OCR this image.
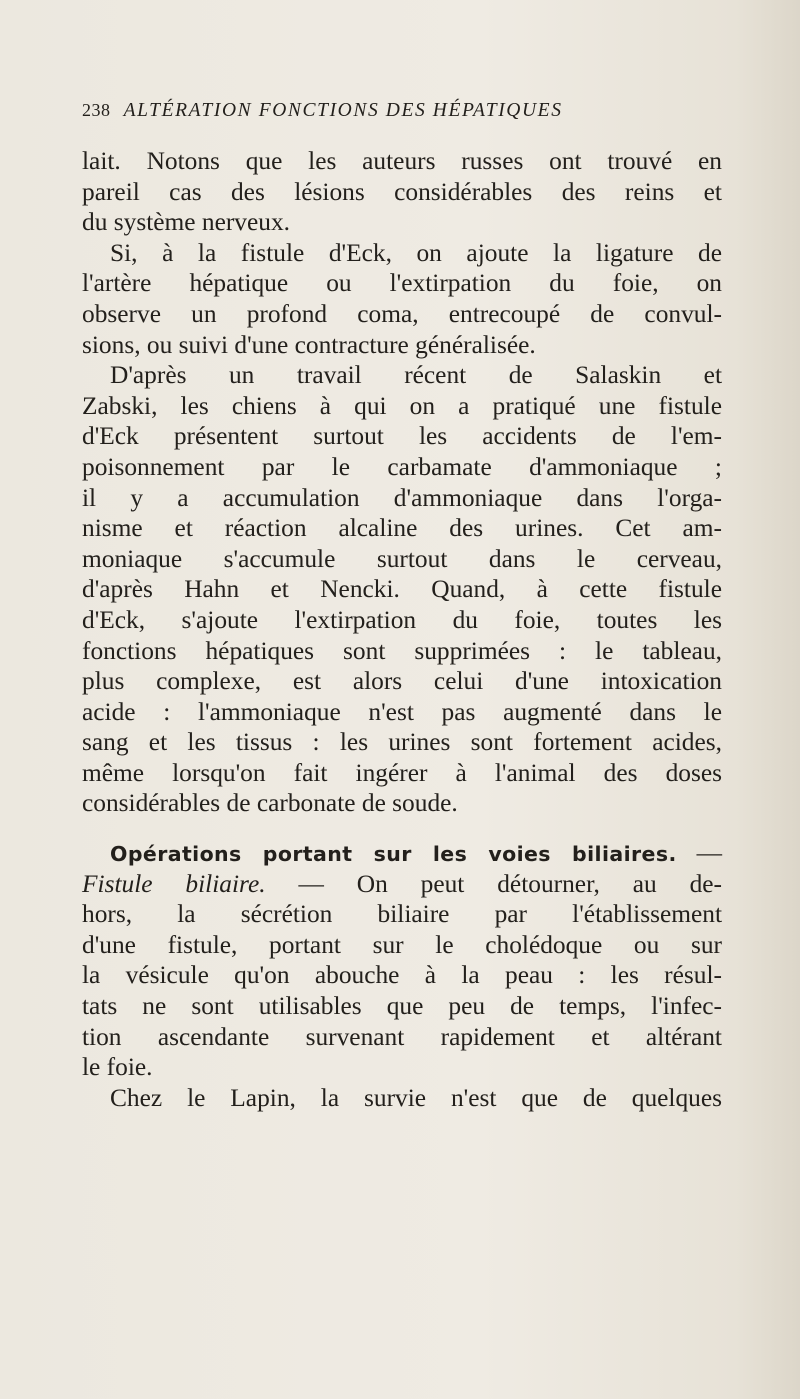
238 ALTÉRATION FONCTIONS DES HÉPATIQUES
lait. Notons que les auteurs russes ont trouvé en
pareil cas des lésions considérables des reins et
du système nerveux.
Si, à la fistule d'Eck, on ajoute la ligature de
l'artère hépatique ou l'extirpation du foie, on
observe un profond coma, entrecoupé de convul-
sions, ou suivi d'une contracture généralisée.
D'après un travail récent de Salaskin et
Zabski, les chiens à qui on a pratiqué une fistule
d'Eck présentent surtout les accidents de l'em-
poisonnement par le carbamate d'ammoniaque ;
il y a accumulation d'ammoniaque dans l'orga-
nisme et réaction alcaline des urines. Cet am-
moniaque s'accumule surtout dans le cerveau,
d'après Hahn et Nencki. Quand, à cette fistule
d'Eck, s'ajoute l'extirpation du foie, toutes les
fonctions hépatiques sont supprimées : le tableau,
plus complexe, est alors celui d'une intoxication
acide : l'ammoniaque n'est pas augmenté dans le
sang et les tissus : les urines sont fortement acides,
même lorsqu'on fait ingérer à l'animal des doses
considérables de carbonate de soude.
Opérations portant sur les voies biliaires. —
Fistule biliaire. — On peut détourner, au de-
hors, la sécrétion biliaire par l'établissement
d'une fistule, portant sur le cholédoque ou sur
la vésicule qu'on abouche à la peau : les résul-
tats ne sont utilisables que peu de temps, l'infec-
tion ascendante survenant rapidement et altérant
le foie.
Chez le Lapin, la survie n'est que de quelques
